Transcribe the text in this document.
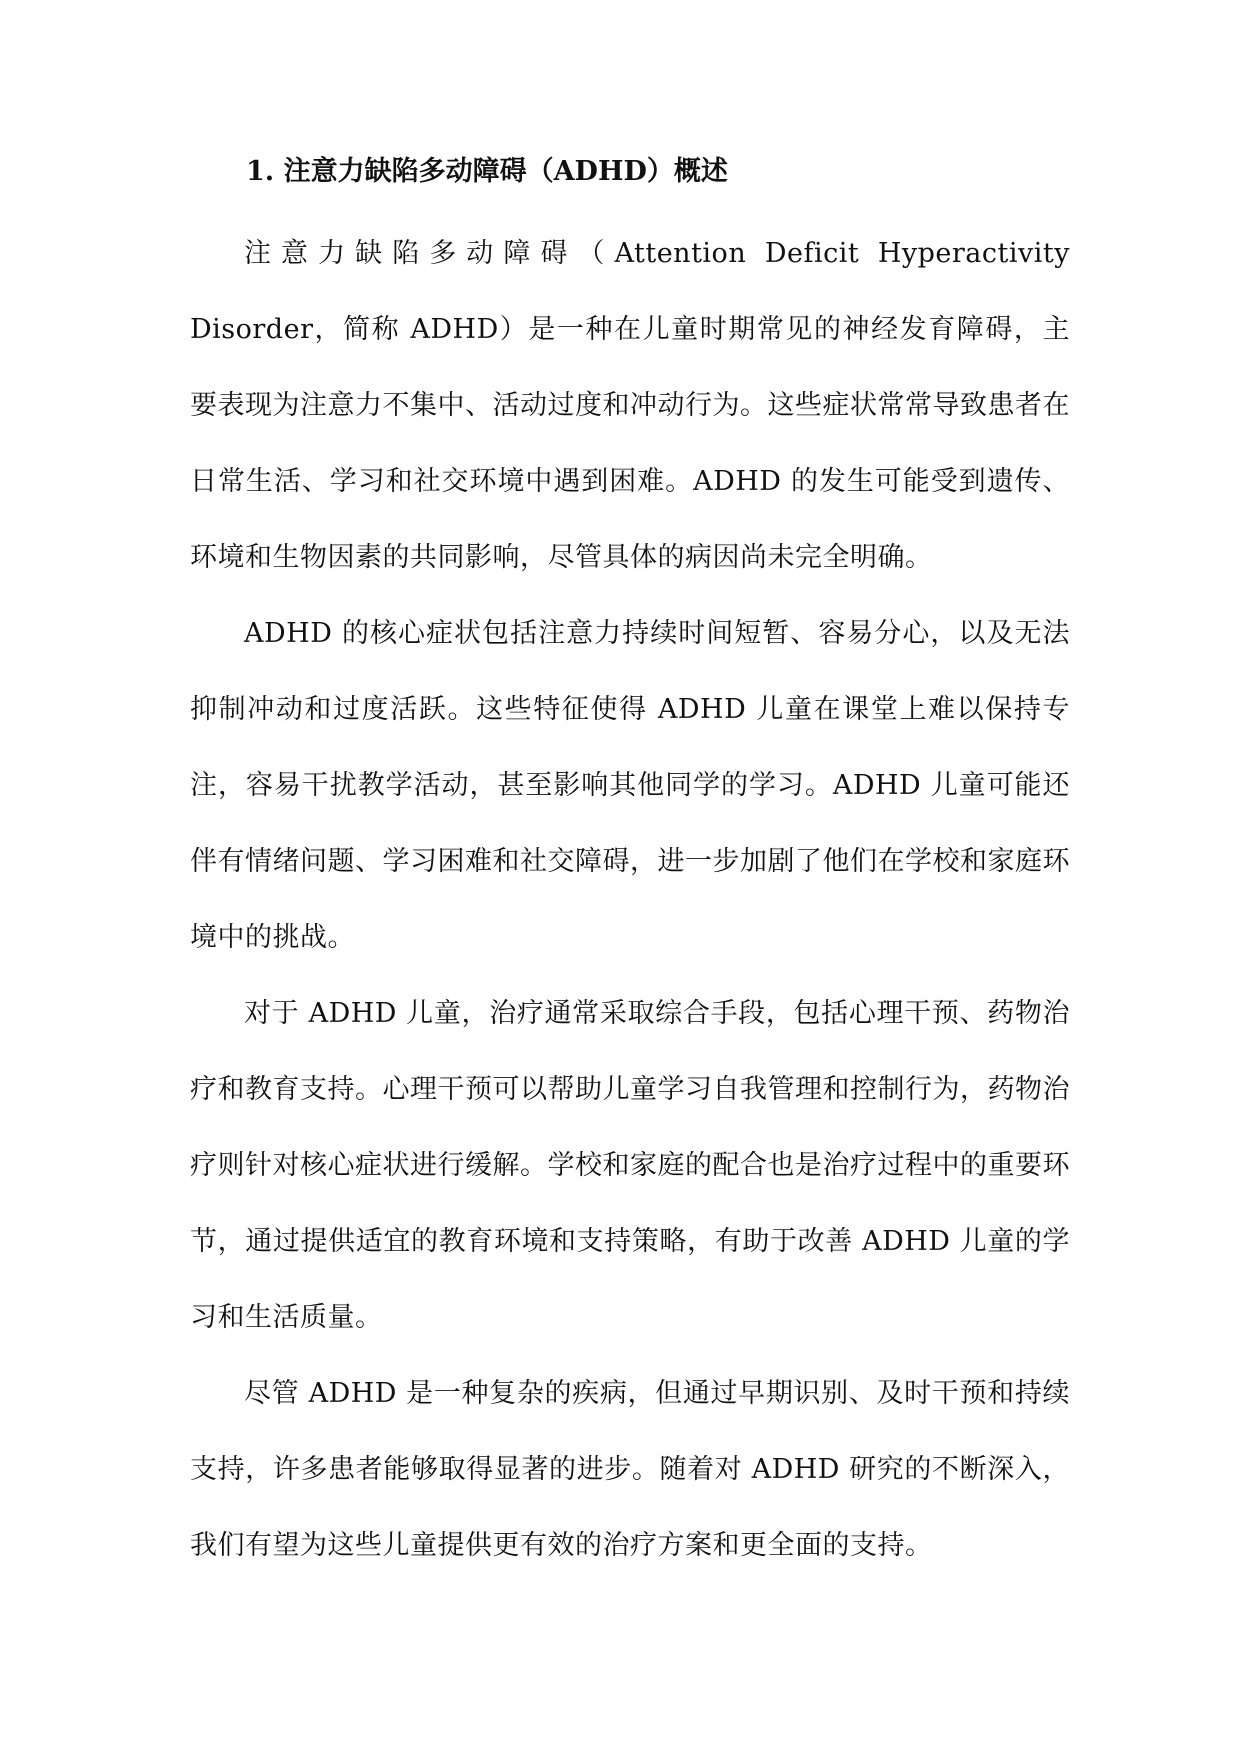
1. 注意力缺陷多动障碍（ADHD）概述

注意力缺陷多动障碍（Attention Deficit Hyperactivity Disorder，简称 ADHD）是一种在儿童时期常见的神经发育障碍，主要表现为注意力不集中、活动过度和冲动行为。这些症状常常导致患者在日常生活、学习和社交环境中遇到困难。ADHD 的发生可能受到遗传、环境和生物因素的共同影响，尽管具体的病因尚未完全明确。

ADHD 的核心症状包括注意力持续时间短暂、容易分心，以及无法抑制冲动和过度活跃。这些特征使得 ADHD 儿童在课堂上难以保持专注，容易干扰教学活动，甚至影响其他同学的学习。ADHD 儿童可能还伴有情绪问题、学习困难和社交障碍，进一步加剧了他们在学校和家庭环境中的挑战。

对于 ADHD 儿童，治疗通常采取综合手段，包括心理干预、药物治疗和教育支持。心理干预可以帮助儿童学习自我管理和控制行为，药物治疗则针对核心症状进行缓解。学校和家庭的配合也是治疗过程中的重要环节，通过提供适宜的教育环境和支持策略，有助于改善 ADHD 儿童的学习和生活质量。

尽管 ADHD 是一种复杂的疾病，但通过早期识别、及时干预和持续支持，许多患者能够取得显著的进步。随着对 ADHD 研究的不断深入，我们有望为这些儿童提供更有效的治疗方案和更全面的支持。
